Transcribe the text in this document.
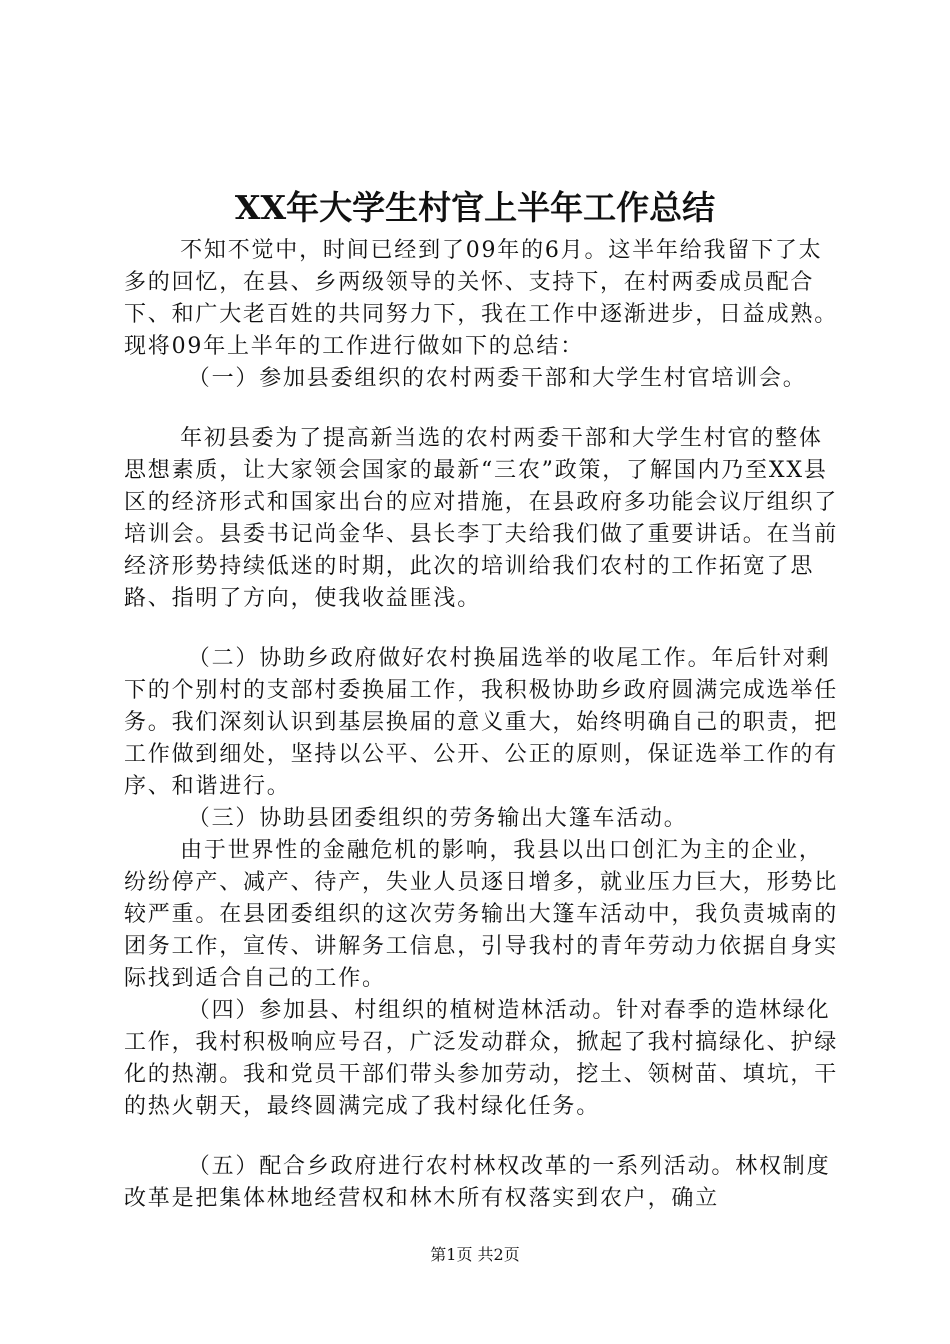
XX年大学生村官上半年工作总结

不知不觉中，时间已经到了09年的6月。这半年给我留下了太多的回忆，在县、乡两级领导的关怀、支持下，在村两委成员配合下、和广大老百姓的共同努力下，我在工作中逐渐进步，日益成熟。现将09年上半年的工作进行做如下的总结：

（一）参加县委组织的农村两委干部和大学生村官培训会。

年初县委为了提高新当选的农村两委干部和大学生村官的整体思想素质，让大家领会国家的最新“三农”政策，了解国内乃至XX县区的经济形式和国家出台的应对措施，在县政府多功能会议厅组织了培训会。县委书记尚金华、县长李丁夫给我们做了重要讲话。在当前经济形势持续低迷的时期，此次的培训给我们农村的工作拓宽了思路、指明了方向，使我收益匪浅。

（二）协助乡政府做好农村换届选举的收尾工作。年后针对剩下的个别村的支部村委换届工作，我积极协助乡政府圆满完成选举任务。我们深刻认识到基层换届的意义重大，始终明确自己的职责，把工作做到细处，坚持以公平、公开、公正的原则，保证选举工作的有序、和谐进行。

（三）协助县团委组织的劳务输出大篷车活动。

由于世界性的金融危机的影响，我县以出口创汇为主的企业，纷纷停产、减产、待产，失业人员逐日增多，就业压力巨大，形势比较严重。在县团委组织的这次劳务输出大篷车活动中，我负责城南的团务工作，宣传、讲解务工信息，引导我村的青年劳动力依据自身实际找到适合自己的工作。

（四）参加县、村组织的植树造林活动。针对春季的造林绿化工作，我村积极响应号召，广泛发动群众，掀起了我村搞绿化、护绿化的热潮。我和党员干部们带头参加劳动，挖土、领树苗、填坑，干的热火朝天，最终圆满完成了我村绿化任务。

（五）配合乡政府进行农村林权改革的一系列活动。林权制度改革是把集体林地经营权和林木所有权落实到农户，确立

第1页 共2页
